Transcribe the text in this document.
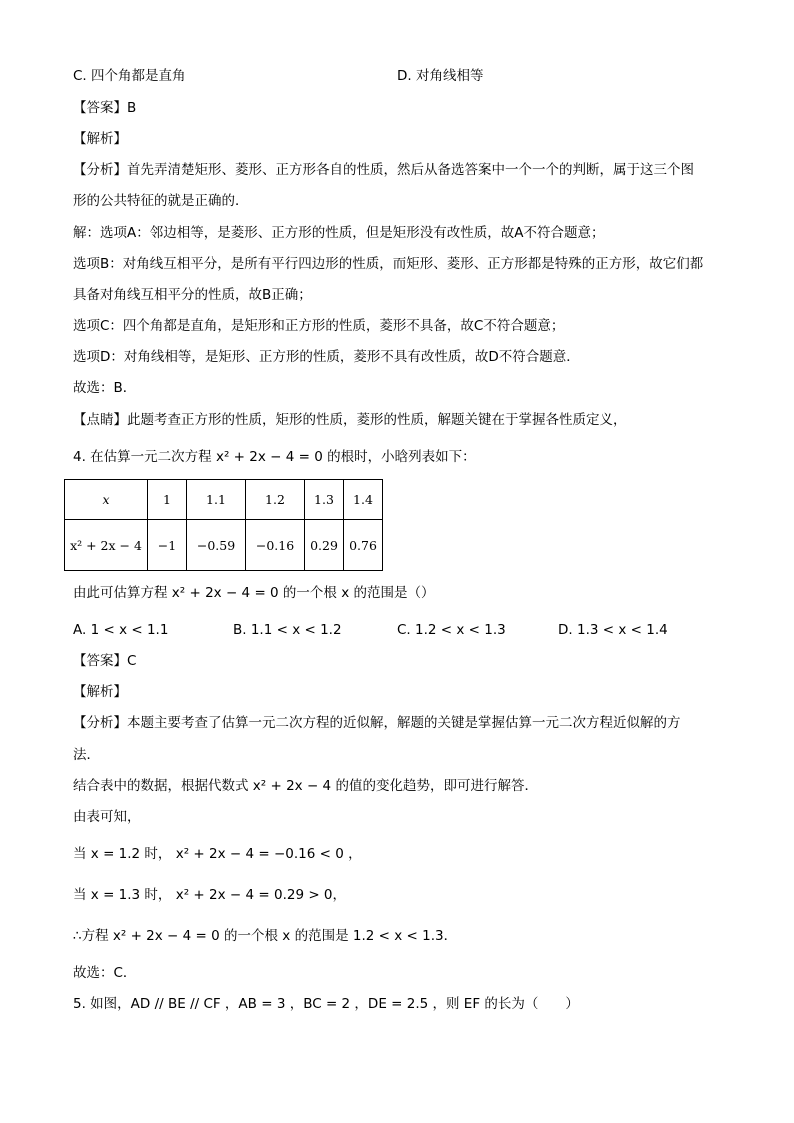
C. 四个角都是直角	D. 对角线相等
【答案】B
【解析】
【分析】首先弄清楚矩形、菱形、正方形各自的性质，然后从备选答案中一个一个的判断，属于这三个图
形的公共特征的就是正确的．
解：选项A：邻边相等，是菱形、正方形的性质，但是矩形没有改性质，故A不符合题意；
选项B：对角线互相平分，是所有平行四边形的性质，而矩形、菱形、正方形都是特殊的正方形，故它们都
具备对角线互相平分的性质，故B正确；
选项C：四个角都是直角，是矩形和正方形的性质，菱形不具备，故C不符合题意；
选项D：对角线相等，是矩形、正方形的性质，菱形不具有改性质，故D不符合题意．
故选：B．
【点睛】此题考查正方形的性质，矩形的性质，菱形的性质，解题关键在于掌握各性质定义，
4. 在估算一元二次方程 x² + 2x − 4 = 0 的根时，小晗列表如下：
x	1	1.1	1.2	1.3	1.4
x² + 2x − 4	−1	−0.59	−0.16	0.29	0.76
由此可估算方程 x² + 2x − 4 = 0 的一个根 x 的范围是（）
A. 1 < x < 1.1	B. 1.1 < x < 1.2	C. 1.2 < x < 1.3	D. 1.3 < x < 1.4
【答案】C
【解析】
【分析】本题主要考查了估算一元二次方程的近似解，解题的关键是掌握估算一元二次方程近似解的方
法．
结合表中的数据，根据代数式 x² + 2x − 4 的值的变化趋势，即可进行解答．
由表可知，
当 x = 1.2 时， x² + 2x − 4 = −0.16 < 0 ，
当 x = 1.3 时， x² + 2x − 4 = 0.29 > 0，
∴方程 x² + 2x − 4 = 0 的一个根 x 的范围是 1.2 < x < 1.3．
故选：C．
5. 如图，AD // BE // CF ，AB = 3 ，BC = 2 ，DE = 2.5 ，则 EF 的长为（　　）
